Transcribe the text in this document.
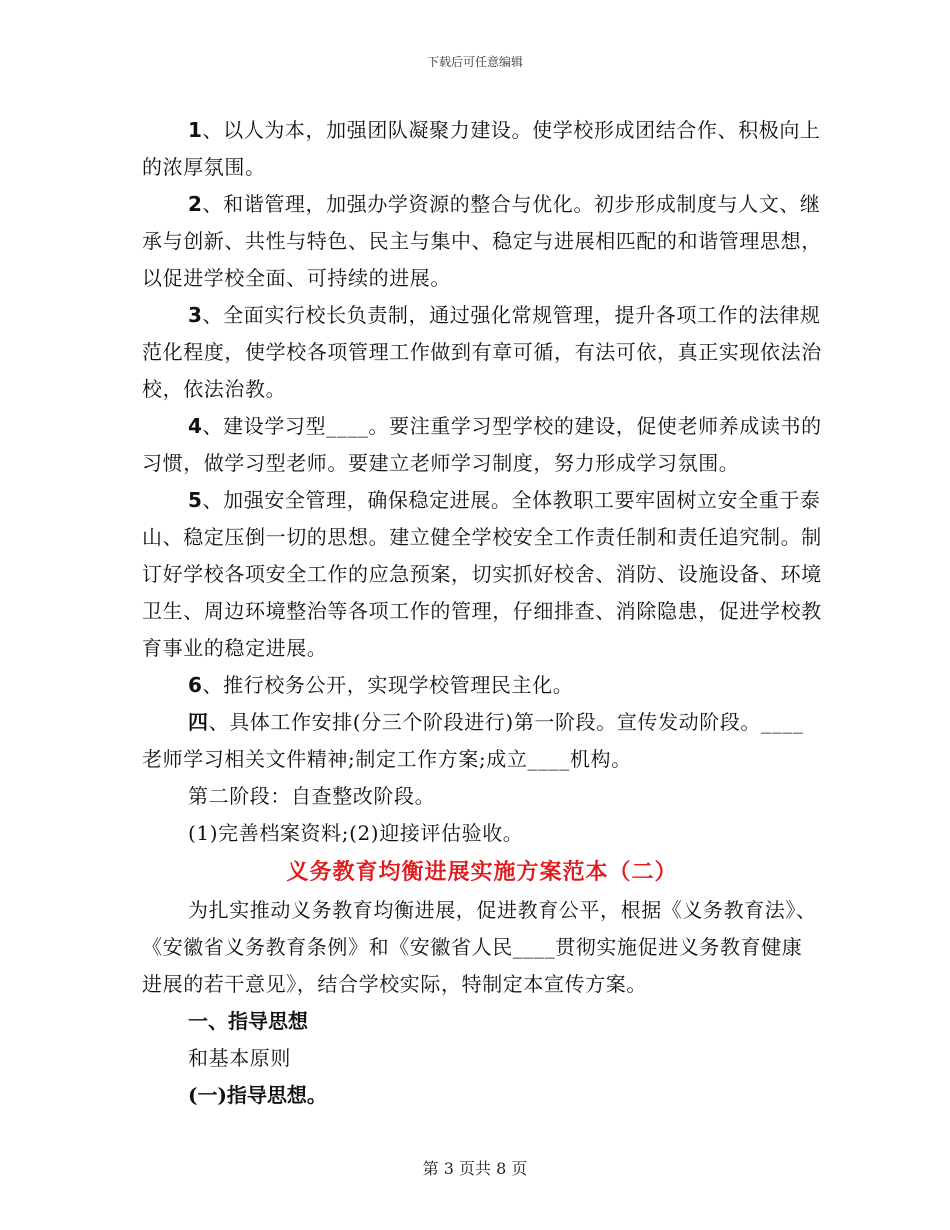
下载后可任意编辑

1、以人为本，加强团队凝聚力建设。使学校形成团结合作、积极向上的浓厚氛围。

2、和谐管理，加强办学资源的整合与优化。初步形成制度与人文、继承与创新、共性与特色、民主与集中、稳定与进展相匹配的和谐管理思想，以促进学校全面、可持续的进展。

3、全面实行校长负责制，通过强化常规管理，提升各项工作的法律规范化程度，使学校各项管理工作做到有章可循，有法可依，真正实现依法治校，依法治教。

4、建设学习型____。要注重学习型学校的建设，促使老师养成读书的习惯，做学习型老师。要建立老师学习制度，努力形成学习氛围。

5、加强安全管理，确保稳定进展。全体教职工要牢固树立安全重于泰山、稳定压倒一切的思想。建立健全学校安全工作责任制和责任追究制。制订好学校各项安全工作的应急预案，切实抓好校舍、消防、设施设备、环境卫生、周边环境整治等各项工作的管理，仔细排查、消除隐患，促进学校教育事业的稳定进展。

6、推行校务公开，实现学校管理民主化。

四、具体工作安排(分三个阶段进行)第一阶段。宣传发动阶段。____老师学习相关文件精神;制定工作方案;成立____机构。

第二阶段：自查整改阶段。

(1)完善档案资料;(2)迎接评估验收。

义务教育均衡进展实施方案范本（二）

为扎实推动义务教育均衡进展，促进教育公平，根据《义务教育法》、《安徽省义务教育条例》和《安徽省人民____贯彻实施促进义务教育健康进展的若干意见》，结合学校实际，特制定本宣传方案。

一、指导思想

和基本原则

(一)指导思想。

第 3 页共 8 页
